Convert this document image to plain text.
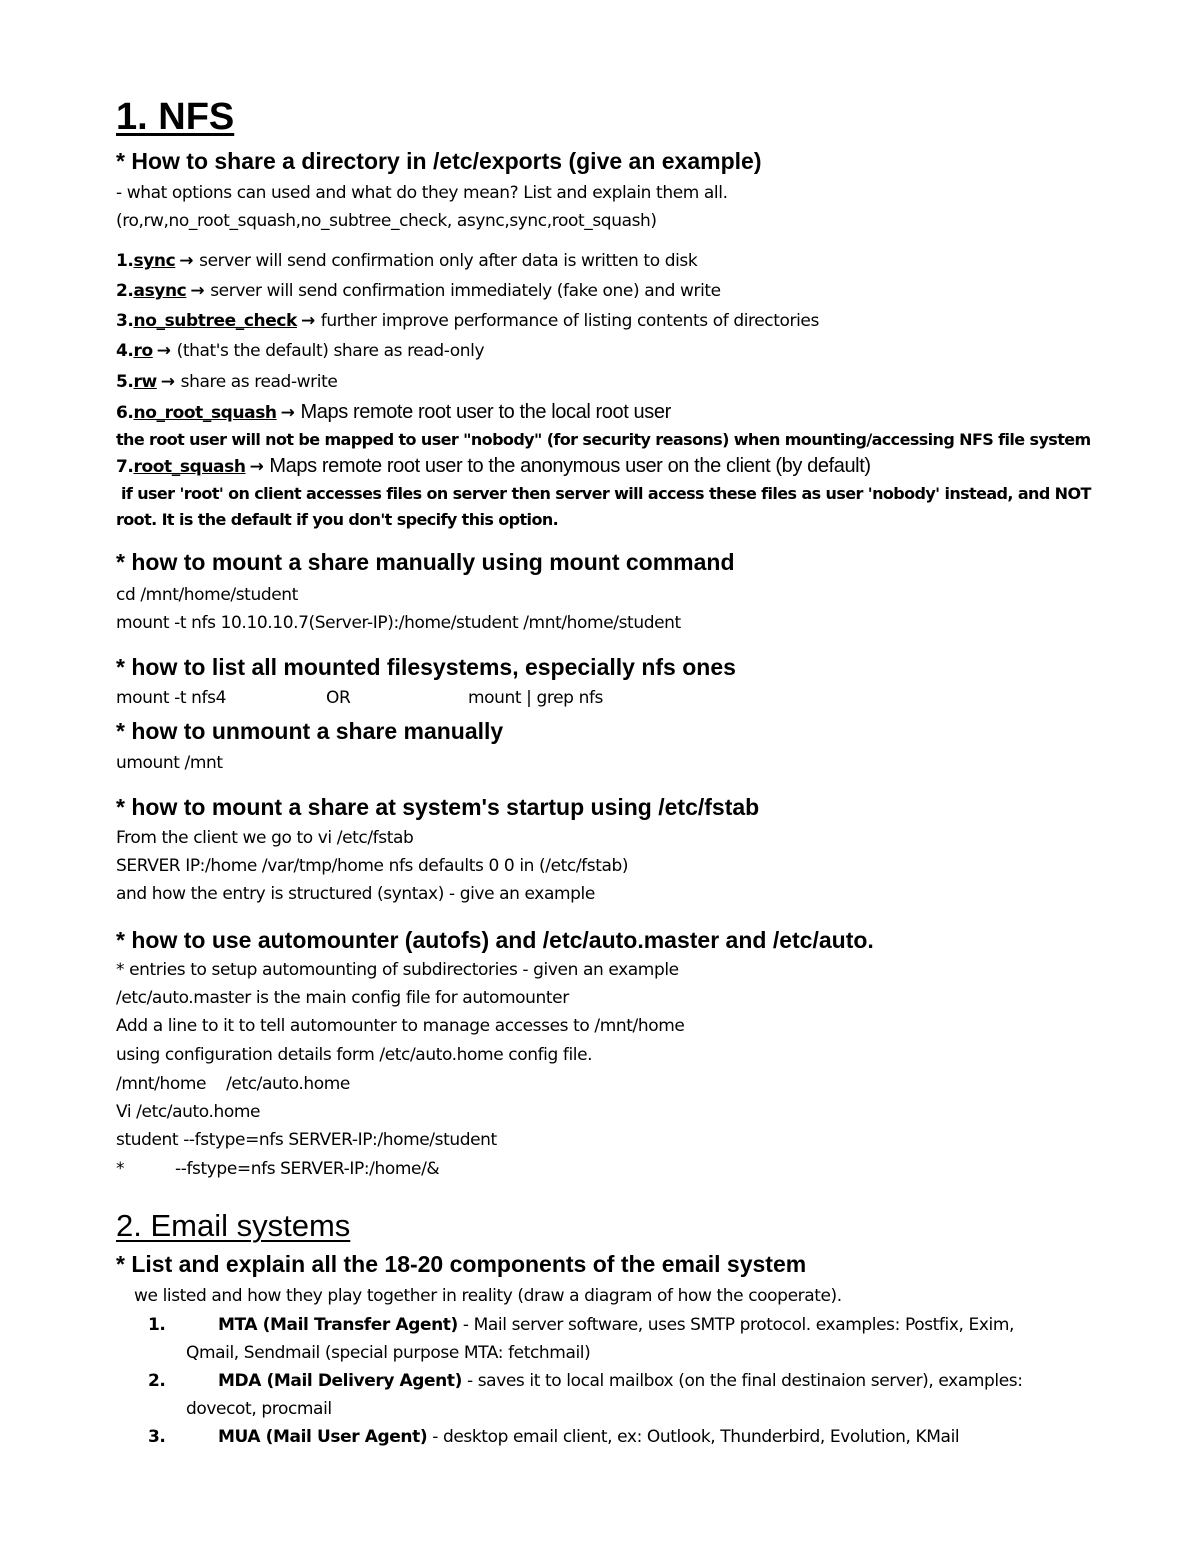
1. NFS
* How to share a directory in /etc/exports (give an example)
- what options can used and what do they mean? List and explain them all.
(ro,rw,no_root_squash,no_subtree_check, async,sync,root_squash)
1.sync → server will send confirmation only after data is written to disk
2.async → server will send confirmation immediately (fake one) and write
3.no_subtree_check → further improve performance of listing contents of directories
4.ro → (that's the default) share as read-only
5.rw → share as read-write
6.no_root_squash → Maps remote root user to the local root user
the root user will not be mapped to user "nobody" (for security reasons) when mounting/accessing NFS file system
7.root_squash → Maps remote root user to the anonymous user on the client (by default)
if user 'root' on client accesses files on server then server will access these files as user 'nobody' instead, and NOT
root. It is the default if you don't specify this option.
* how to mount a share manually using mount command
cd /mnt/home/student
mount -t nfs 10.10.10.7(Server-IP):/home/student /mnt/home/student
* how to list all mounted filesystems, especially nfs ones
mount -t nfs4	OR	mount | grep nfs
* how to unmount a share manually
umount /mnt
* how to mount a share at system's startup using /etc/fstab
From the client we go to vi /etc/fstab
SERVER IP:/home /var/tmp/home nfs defaults 0 0 in (/etc/fstab)
and how the entry is structured (syntax) - give an example
* how to use automounter (autofs) and /etc/auto.master and /etc/auto.
* entries to setup automounting of subdirectories - given an example
/etc/auto.master is the main config file for automounter
Add a line to it to tell automounter to manage accesses to /mnt/home
using configuration details form /etc/auto.home config file.
/mnt/home    /etc/auto.home
Vi /etc/auto.home
student --fstype=nfs SERVER-IP:/home/student
*	--fstype=nfs SERVER-IP:/home/&
2. Email systems
* List and explain all the 18-20 components of the email system
we listed and how they play together in reality (draw a diagram of how the cooperate).
1.	MTA (Mail Transfer Agent) - Mail server software, uses SMTP protocol. examples: Postfix, Exim,
Qmail, Sendmail (special purpose MTA: fetchmail)
2.	MDA (Mail Delivery Agent) - saves it to local mailbox (on the final destinaion server), examples:
dovecot, procmail
3.	MUA (Mail User Agent) - desktop email client, ex: Outlook, Thunderbird, Evolution, KMail
